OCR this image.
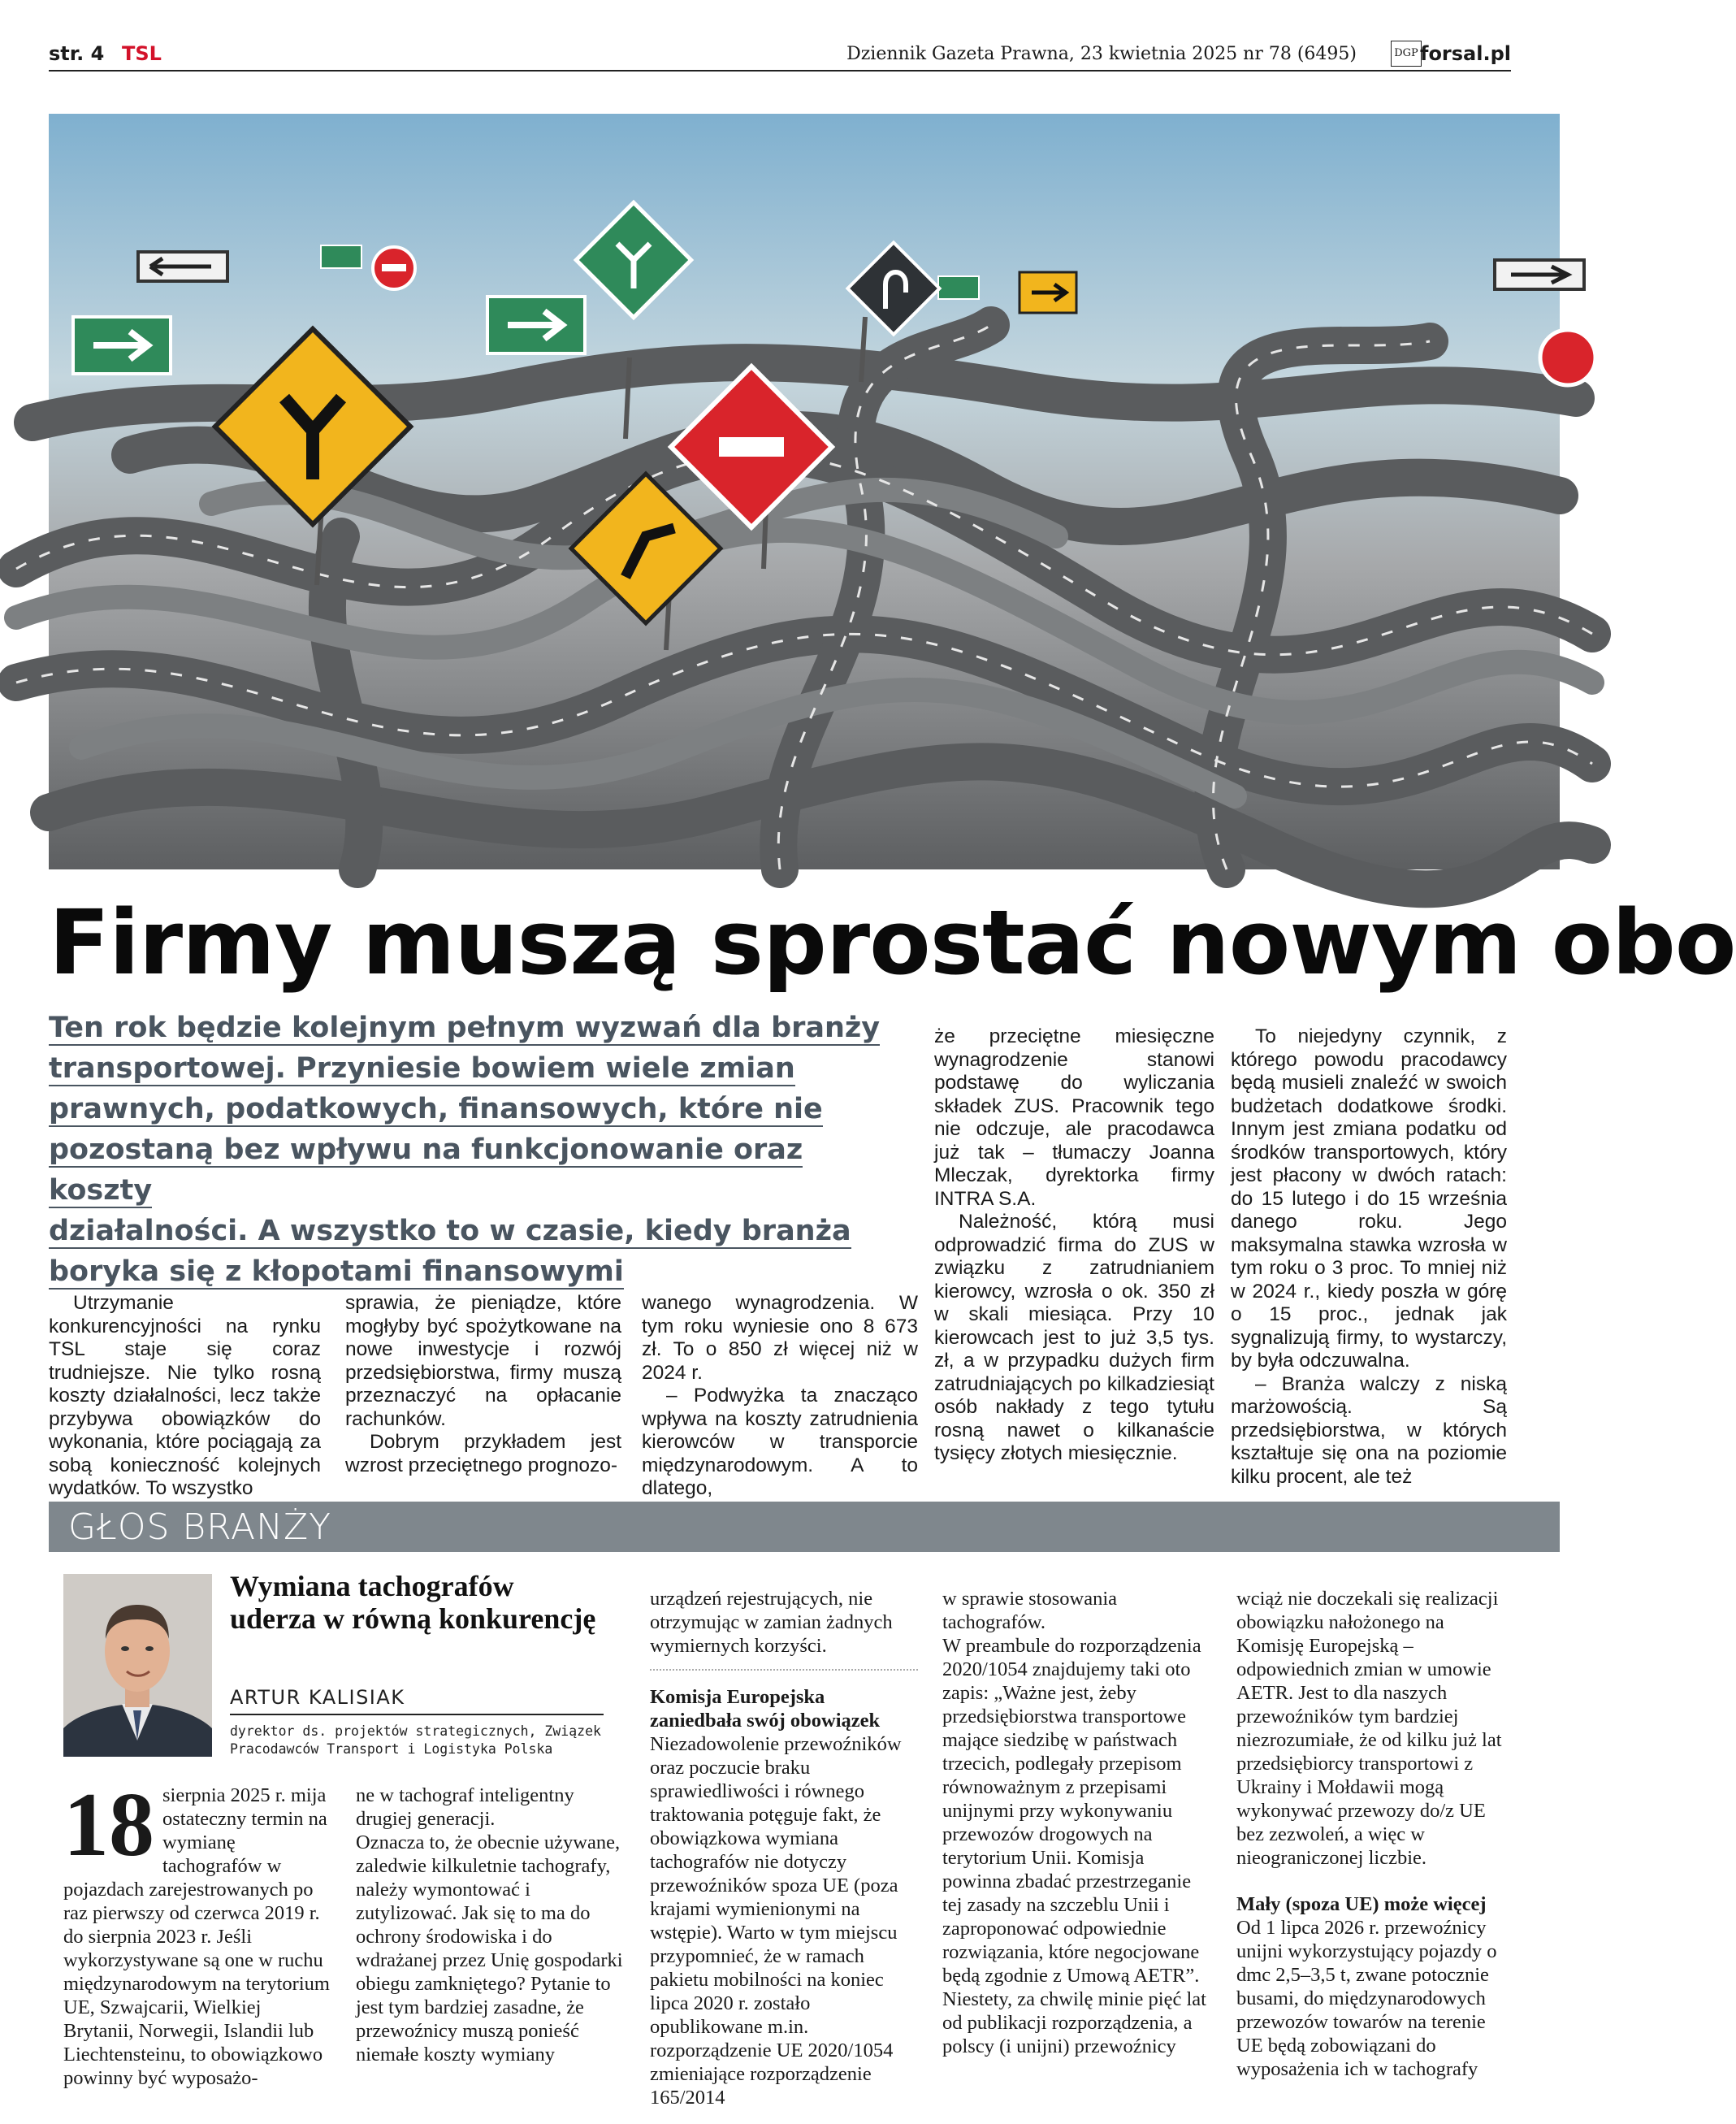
str. 4 TSL	Dziennik Gazeta Prawna, 23 kwietnia 2025 nr 78 (6495)	DGP forsal.pl
Firmy muszą sprostać nowym obo
Ten rok będzie kolejnym pełnym wyzwań dla branży
transportowej. Przyniesie bowiem wiele zmian
prawnych, podatkowych, finansowych, które nie
pozostaną bez wpływu na funkcjonowanie oraz koszty
działalności. A wszystko to w czasie, kiedy branża
boryka się z kłopotami finansowymi

Utrzymanie konkurencyjności na rynku TSL staje się coraz trudniejsze. Nie tylko rosną koszty działalności, lecz także przybywa obowiązków do wykonania, które pociągają za sobą konieczność kolejnych wydatków. To wszystko

sprawia, że pieniądze, które mogłyby być spożytkowane na nowe inwestycje i rozwój przedsiębiorstwa, firmy muszą przeznaczyć na opłacanie rachunków.

Dobrym przykładem jest wzrost przeciętnego prognozo-

wanego wynagrodzenia. W tym roku wyniesie ono 8 673 zł. To o 850 zł więcej niż w 2024 r.

– Podwyżka ta znacząco wpływa na koszty zatrudnienia kierowców w transporcie międzynarodowym. A to dlatego,

że przeciętne miesięczne wynagrodzenie stanowi podstawę do wyliczania składek ZUS. Pracownik tego nie odczuje, ale pracodawca już tak – tłumaczy Joanna Mleczak, dyrektorka firmy INTRA S.A.

Należność, którą musi odprowadzić firma do ZUS w związku z zatrudnianiem kierowcy, wzrosła o ok. 350 zł w skali miesiąca. Przy 10 kierowcach jest to już 3,5 tys. zł, a w przypadku dużych firm zatrudniających po kilkadziesiąt osób nakłady z tego tytułu rosną nawet o kilkanaście tysięcy złotych miesięcznie.

To niejedyny czynnik, z którego powodu pracodawcy będą musieli znaleźć w swoich budżetach dodatkowe środki. Innym jest zmiana podatku od środków transportowych, który jest płacony w dwóch ratach: do 15 lutego i do 15 września danego roku. Jego maksymalna stawka wzrosła w tym roku o 3 proc. To mniej niż w 2024 r., kiedy poszła w górę o 15 proc., jednak jak sygnalizują firmy, to wystarczy, by była odczuwalna.

– Branża walczy z niską marżowością. Są przedsiębiorstwa, w których kształtuje się ona na poziomie kilku procent, ale też

GŁOS BRANŻY
Wymiana tachografów uderza w równą konkurencję
ARTUR KALISIAK
dyrektor ds. projektów strategicznych, Związek Pracodawców Transport i Logistyka Polska
18 sierpnia 2025 r. mija ostateczny termin na wymianę tachografów w pojazdach zarejestrowanych po raz pierwszy od czerwca 2019 r. do sierpnia 2023 r. Jeśli wykorzystywane są one w ruchu międzynarodowym na terytorium UE, Szwajcarii, Wielkiej Brytanii, Norwegii, Islandii lub Liechtensteinu, to obowiązkowo powinny być wyposażo-

ne w tachograf inteligentny drugiej generacji.

Oznacza to, że obecnie używane, zaledwie kilkuletnie tachografy, należy wymontować i zutylizować. Jak się to ma do ochrony środowiska i do wdrażanej przez Unię gospodarki obiegu zamkniętego? Pytanie to jest tym bardziej zasadne, że przewoźnicy muszą ponieść niemałe koszty wymiany

urządzeń rejestrujących, nie otrzymując w zamian żadnych wymiernych korzyści.

Komisja Europejska zaniedbała swój obowiązek

Niezadowolenie przewoźników oraz poczucie braku sprawiedliwości i równego traktowania potęguje fakt, że obowiązkowa wymiana tachografów nie dotyczy przewoźników spoza UE (poza krajami wymienionymi na wstępie). Warto w tym miejscu przypomnieć, że w ramach pakietu mobilności na koniec lipca 2020 r. zostało opublikowane m.in. rozporządzenie UE 2020/1054 zmieniające rozporządzenie 165/2014

w sprawie stosowania tachografów.

W preambule do rozporządzenia 2020/1054 znajdujemy taki oto zapis: „Ważne jest, żeby przedsiębiorstwa transportowe mające siedzibę w państwach trzecich, podlegały przepisom równoważnym z przepisami unijnymi przy wykonywaniu przewozów drogowych na terytorium Unii. Komisja powinna zbadać przestrzeganie tej zasady na szczeblu Unii i zaproponować odpowiednie rozwiązania, które negocjowane będą zgodnie z Umową AETR”.

Niestety, za chwilę minie pięć lat od publikacji rozporządzenia, a polscy (i unijni) przewoźnicy

wciąż nie doczekali się realizacji obowiązku nałożonego na Komisję Europejską – odpowiednich zmian w umowie AETR. Jest to dla naszych przewoźników tym bardziej niezrozumiałe, że od kilku już lat przedsiębiorcy transportowi z Ukrainy i Mołdawii mogą wykonywać przewozy do/z UE bez zezwoleń, a więc w nieograniczonej liczbie.

Mały (spoza UE) może więcej

Od 1 lipca 2026 r. przewoźnicy unijni wykorzystujący pojazdy o dmc 2,5–3,5 t, zwane potocznie busami, do międzynarodowych przewozów towarów na terenie UE będą zobowiązani do wyposażenia ich w tachografy
